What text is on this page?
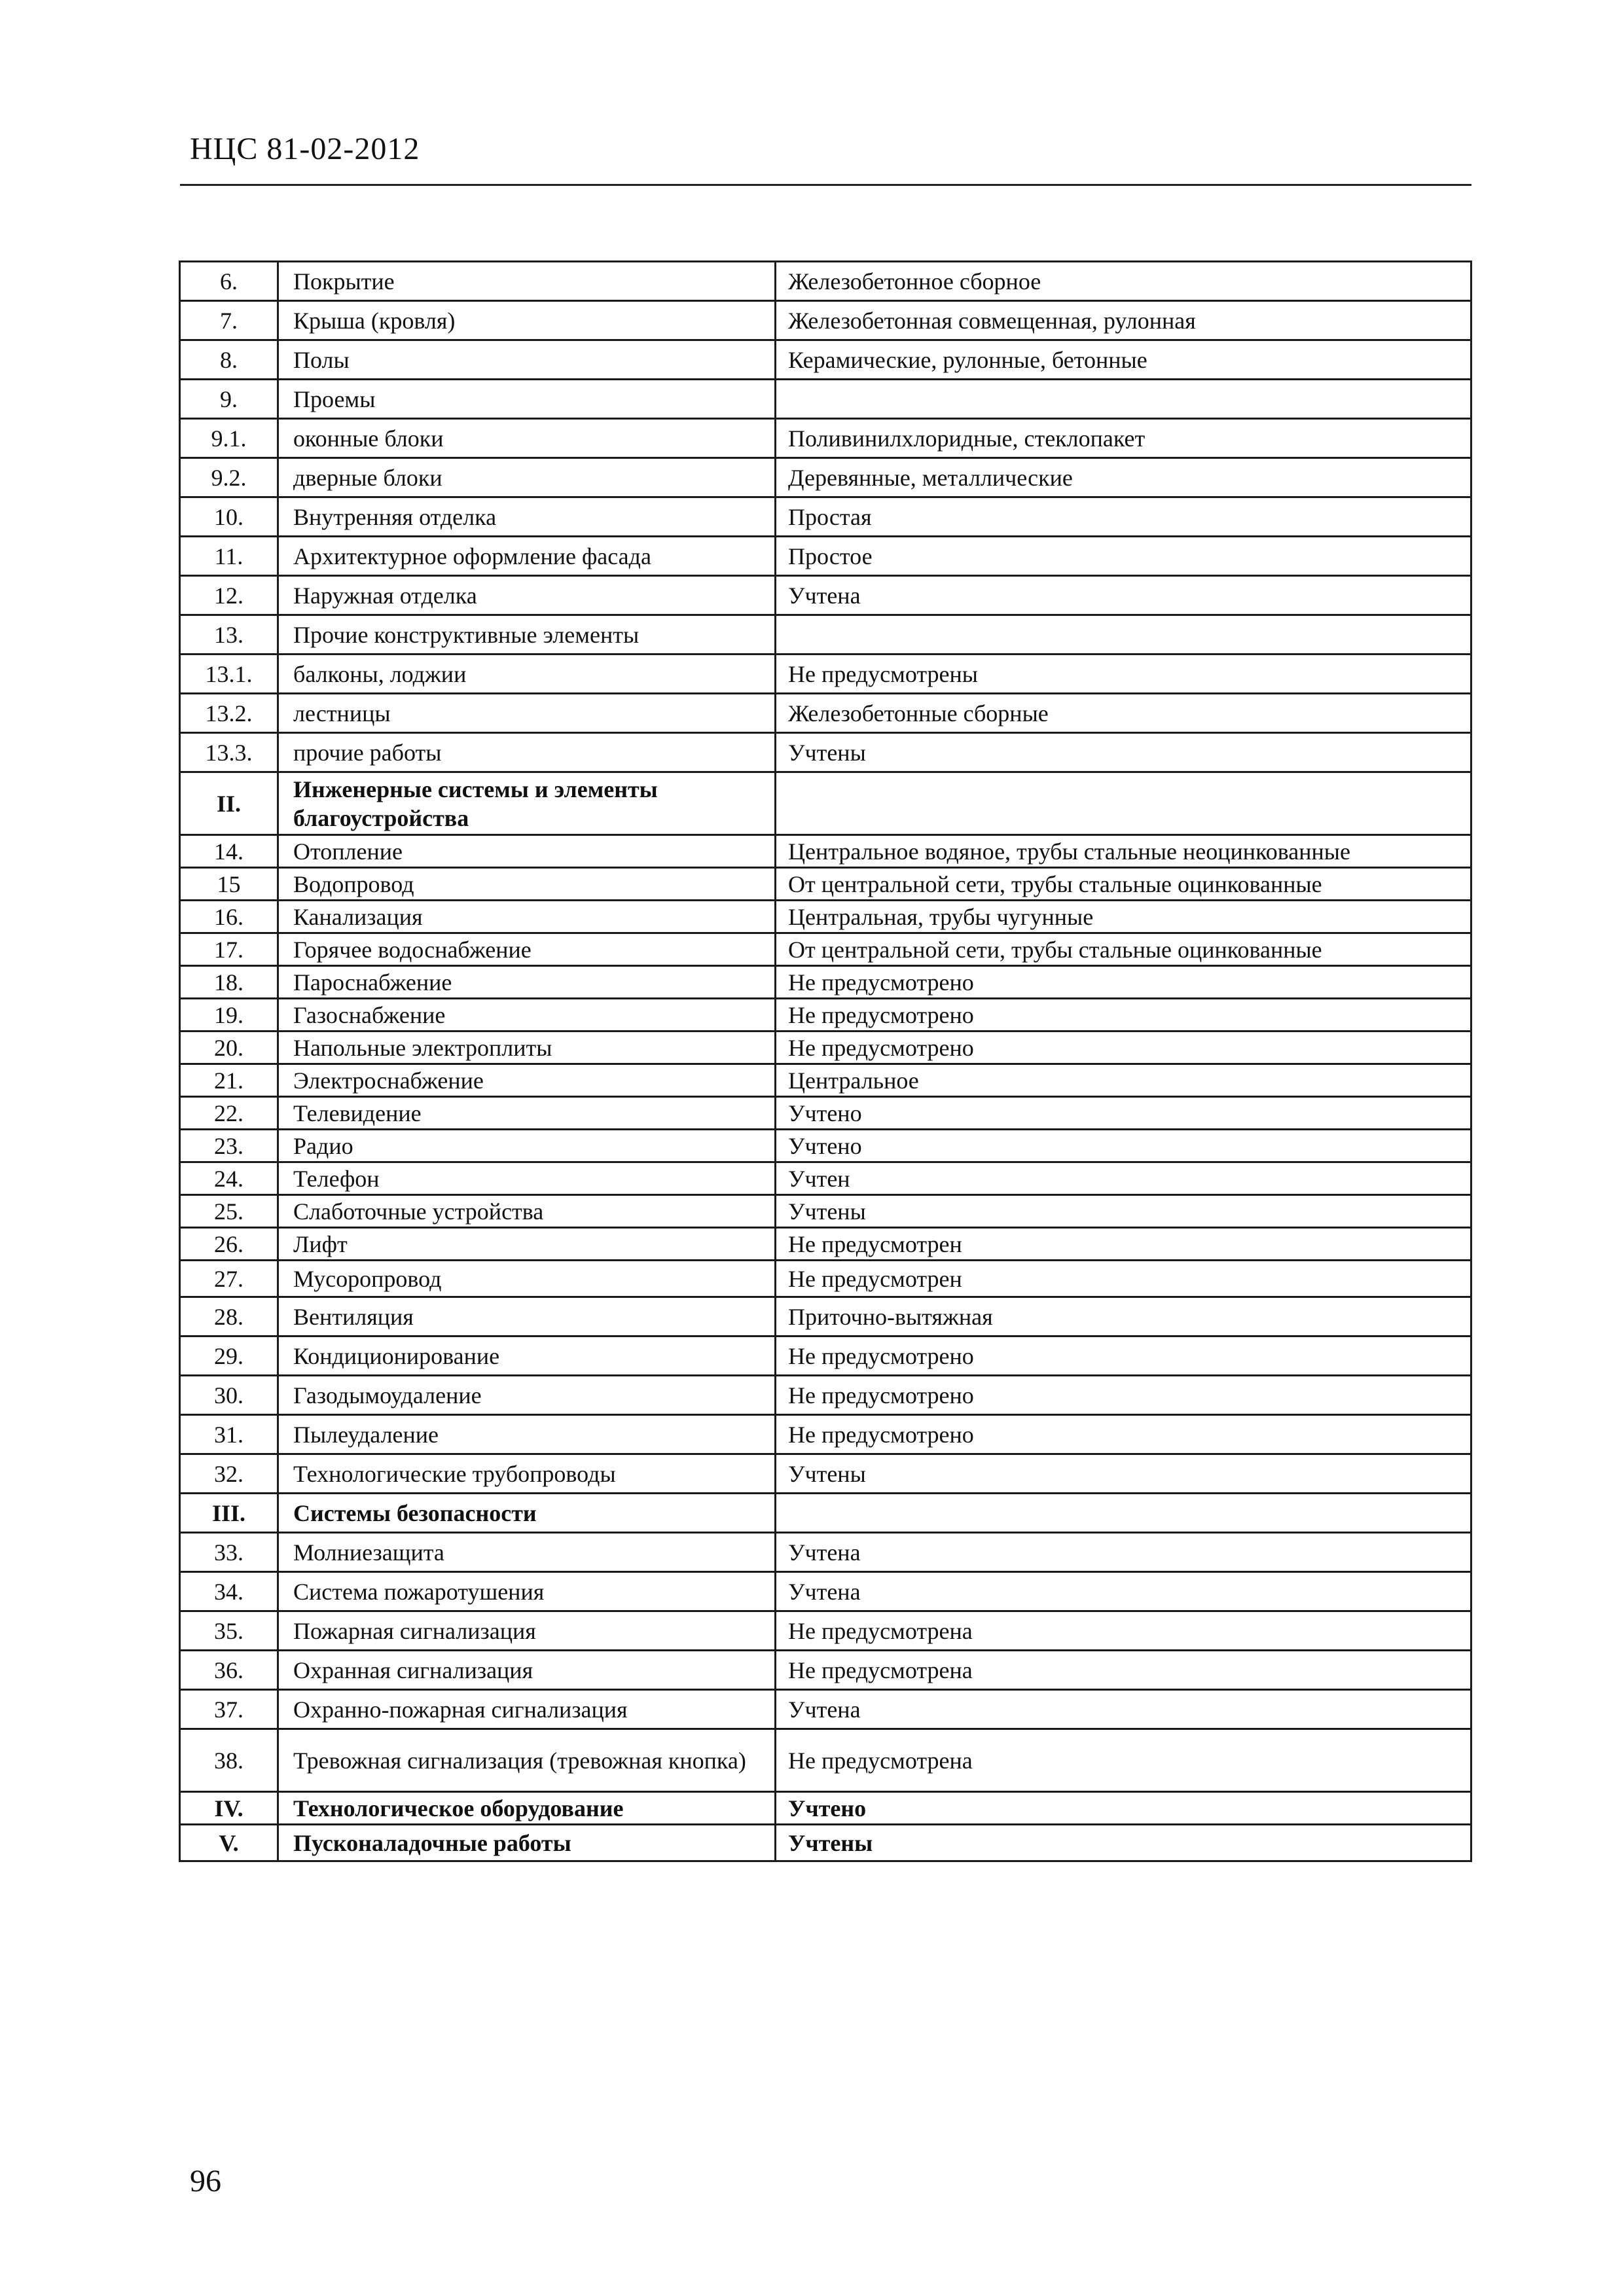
НЦС 81-02-2012
6.	Покрытие	Железобетонное сборное
7.	Крыша (кровля)	Железобетонная совмещенная, рулонная
8.	Полы	Керамические, рулонные, бетонные
9.	Проемы	
9.1.	оконные блоки	Поливинилхлоридные, стеклопакет
9.2.	дверные блоки	Деревянные, металлические
10.	Внутренняя отделка	Простая
11.	Архитектурное оформление фасада	Простое
12.	Наружная отделка	Учтена
13.	Прочие конструктивные элементы	
13.1.	балконы, лоджии	Не предусмотрены
13.2.	лестницы	Железобетонные сборные
13.3.	прочие работы	Учтены
II.	Инженерные системы и элементы благоустройства	
14.	Отопление	Центральное водяное, трубы стальные неоцинкованные
15	Водопровод	От центральной сети, трубы стальные оцинкованные
16.	Канализация	Центральная, трубы чугунные
17.	Горячее водоснабжение	От центральной сети, трубы стальные оцинкованные
18.	Пароснабжение	Не предусмотрено
19.	Газоснабжение	Не предусмотрено
20.	Напольные электроплиты	Не предусмотрено
21.	Электроснабжение	Центральное
22.	Телевидение	Учтено
23.	Радио	Учтено
24.	Телефон	Учтен
25.	Слаботочные устройства	Учтены
26.	Лифт	Не предусмотрен
27.	Мусоропровод	Не предусмотрен
28.	Вентиляция	Приточно-вытяжная
29.	Кондиционирование	Не предусмотрено
30.	Газодымоудаление	Не предусмотрено
31.	Пылеудаление	Не предусмотрено
32.	Технологические трубопроводы	Учтены
III.	Системы безопасности	
33.	Молниезащита	Учтена
34.	Система пожаротушения	Учтена
35.	Пожарная сигнализация	Не предусмотрена
36.	Охранная сигнализация	Не предусмотрена
37.	Охранно-пожарная сигнализация	Учтена
38.	Тревожная сигнализация (тревожная кнопка)	Не предусмотрена
IV.	Технологическое оборудование	Учтено
V.	Пусконаладочные работы	Учтены
96
